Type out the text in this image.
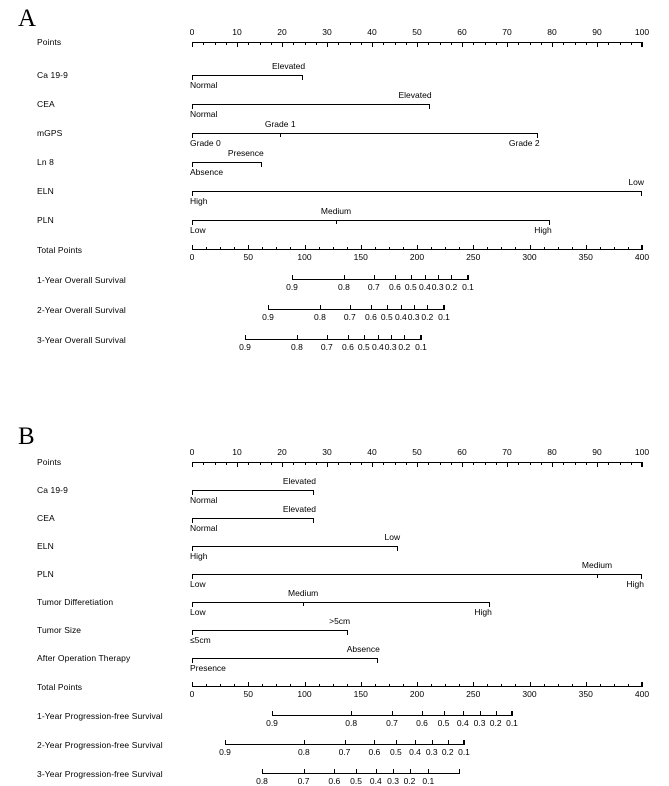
A
Points
0	10	20	30	40	50	60	70	80	90	100
Ca 19-9
Normal
Elevated
CEA
Normal
Elevated
mGPS
Grade 0
Grade 1
Grade 2
Ln 8
Absence
Presence
ELN
High
Low
PLN
Low
Medium
High
Total Points
0	50	100	150	200	250	300	350	400
1-Year Overall Survival
0.9	0.8 0.7 0.6 0.5 0.4 0.3 0.2 0.1
2-Year Overall Survival
0.9	0.8 0.7 0.6 0.5 0.4 0.3 0.2 0.1
3-Year Overall Survival
0.9	0.8 0.7 0.6 0.5 0.4 0.3 0.2 0.1
B
Points
0	10	20	30	40	50	60	70	80	90	100
Ca 19-9
Normal
Elevated
CEA
Normal
Elevated
ELN
High
Low
PLN
Low
Medium
High
Tumor Differetiation
Low
Medium
High
Tumor Size
≤5cm
>5cm
After Operation Therapy
Presence
Absence
Total Points
0	50	100	150	200	250	300	350	400
1-Year Progression-free Survival
0.9	0.8	0.7 0.6 0.5 0.4 0.3 0.2 0.1
2-Year Progression-free Survival
0.9	0.8	0.7 0.6 0.5 0.4 0.3 0.2 0.1
3-Year Progression-free Survival
0.8	0.7 0.6 0.5 0.4 0.3 0.2 0.1
